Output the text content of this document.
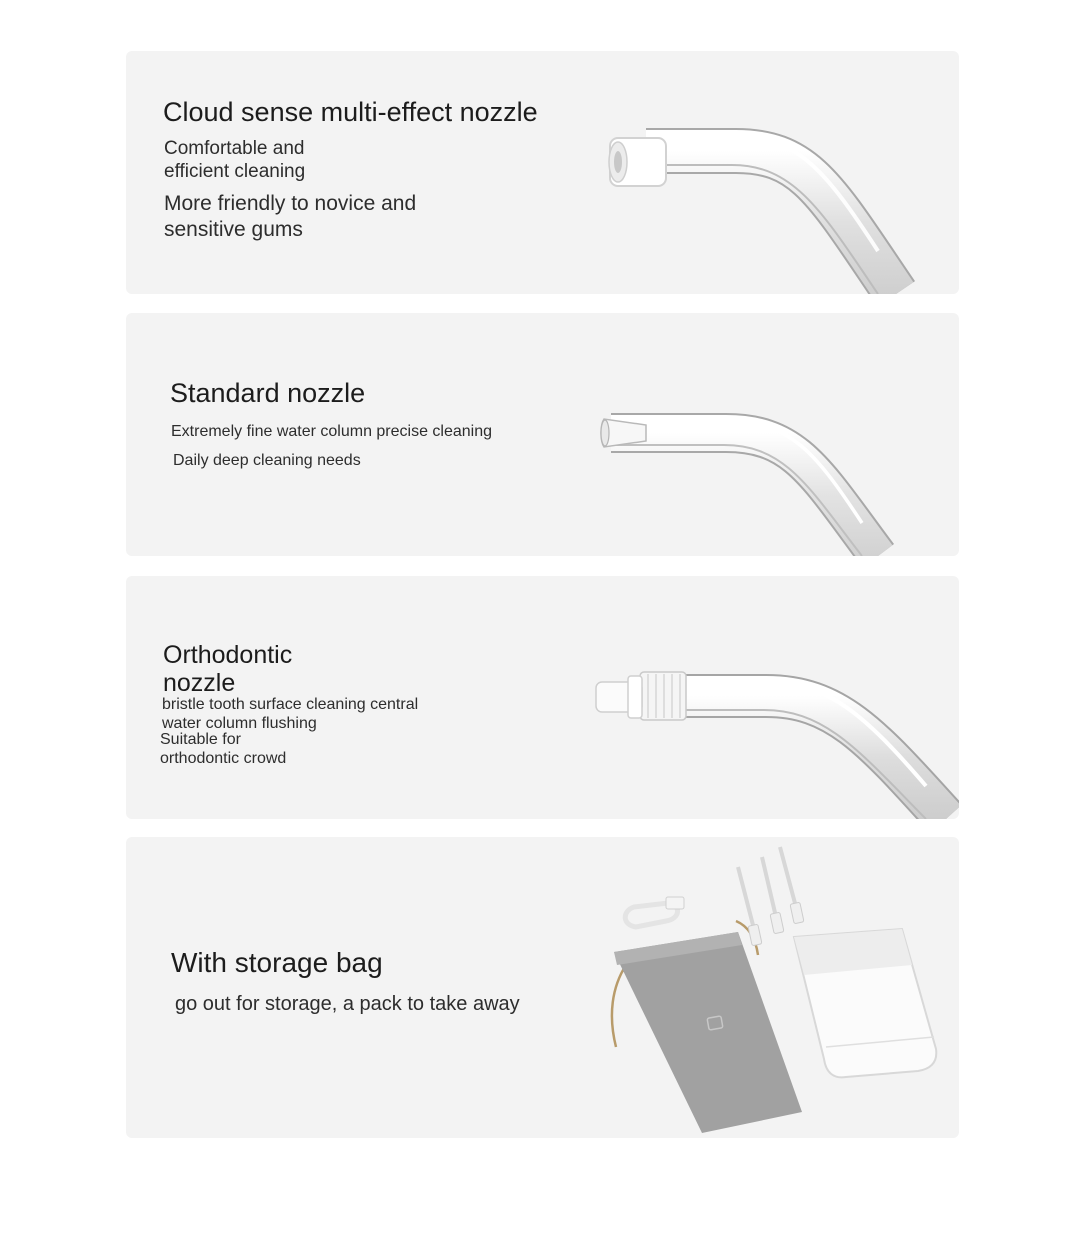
Cloud sense multi-effect nozzle

Comfortable and

efficient cleaning

More friendly to novice and

sensitive gums

Standard nozzle

Extremely fine water column precise cleaning

Daily deep cleaning needs

Orthodontic
nozzle

bristle tooth surface cleaning central

water column flushing

Suitable for

orthodontic crowd

With storage bag

go out for storage, a pack to take away
